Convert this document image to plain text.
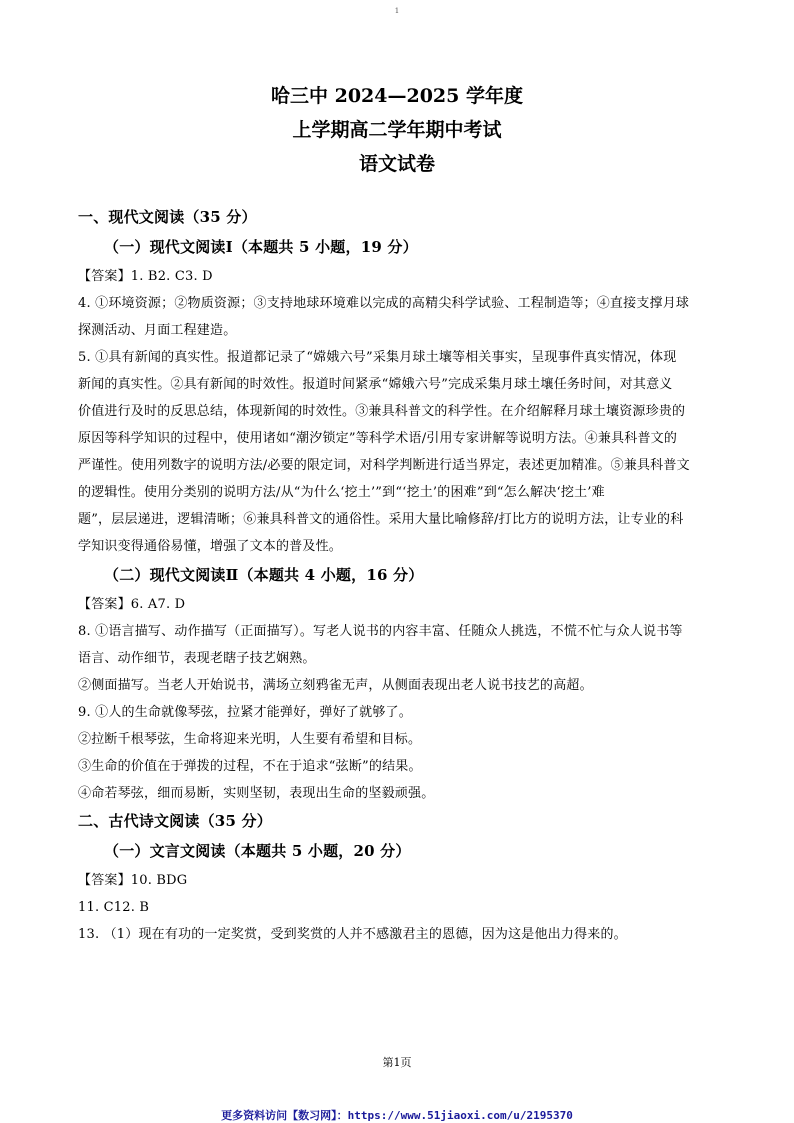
1
哈三中 2024—2025 学年度
上学期高二学年期中考试
语文试卷
一、现代文阅读（35 分）
（一）现代文阅读Ⅰ（本题共 5 小题，19 分）
【答案】1. B2. C3. D
4. ①环境资源；②物质资源；③支持地球环境难以完成的高精尖科学试验、工程制造等；④直接支撑月球
探测活动、月面工程建造。
5. ①具有新闻的真实性。报道都记录了“嫦娥六号”采集月球土壤等相关事实，呈现事件真实情况，体现
新闻的真实性。②具有新闻的时效性。报道时间紧承“嫦娥六号”完成采集月球土壤任务时间，对其意义
价值进行及时的反思总结，体现新闻的时效性。③兼具科普文的科学性。在介绍解释月球土壤资源珍贵的
原因等科学知识的过程中，使用诸如“潮汐锁定”等科学术语/引用专家讲解等说明方法。④兼具科普文的
严谨性。使用列数字的说明方法/必要的限定词，对科学判断进行适当界定，表述更加精准。⑤兼具科普文
的逻辑性。使用分类别的说明方法/从“为什么‘挖土’”到“‘挖土’的困难”到“怎么解决‘挖土’难
题”，层层递进，逻辑清晰；⑥兼具科普文的通俗性。采用大量比喻修辞/打比方的说明方法，让专业的科
学知识变得通俗易懂，增强了文本的普及性。
（二）现代文阅读Ⅱ（本题共 4 小题，16 分）
【答案】6. A7. D
8. ①语言描写、动作描写（正面描写）。写老人说书的内容丰富、任随众人挑选，不慌不忙与众人说书等
语言、动作细节，表现老瞎子技艺娴熟。
②侧面描写。当老人开始说书，满场立刻鸦雀无声，从侧面表现出老人说书技艺的高超。
9. ①人的生命就像琴弦，拉紧才能弹好，弹好了就够了。
②拉断千根琴弦，生命将迎来光明，人生要有希望和目标。
③生命的价值在于弹拨的过程，不在于追求“弦断”的结果。
④命若琴弦，细而易断，实则坚韧，表现出生命的坚毅顽强。
二、古代诗文阅读（35 分）
（一）文言文阅读（本题共 5 小题，20 分）
【答案】10. BDG
11. C12. B
13. （1）现在有功的一定奖赏，受到奖赏的人并不感激君主的恩德，因为这是他出力得来的。
第1页
更多资料访问【数习网】：https://www.51jiaoxi.com/u/2195370
